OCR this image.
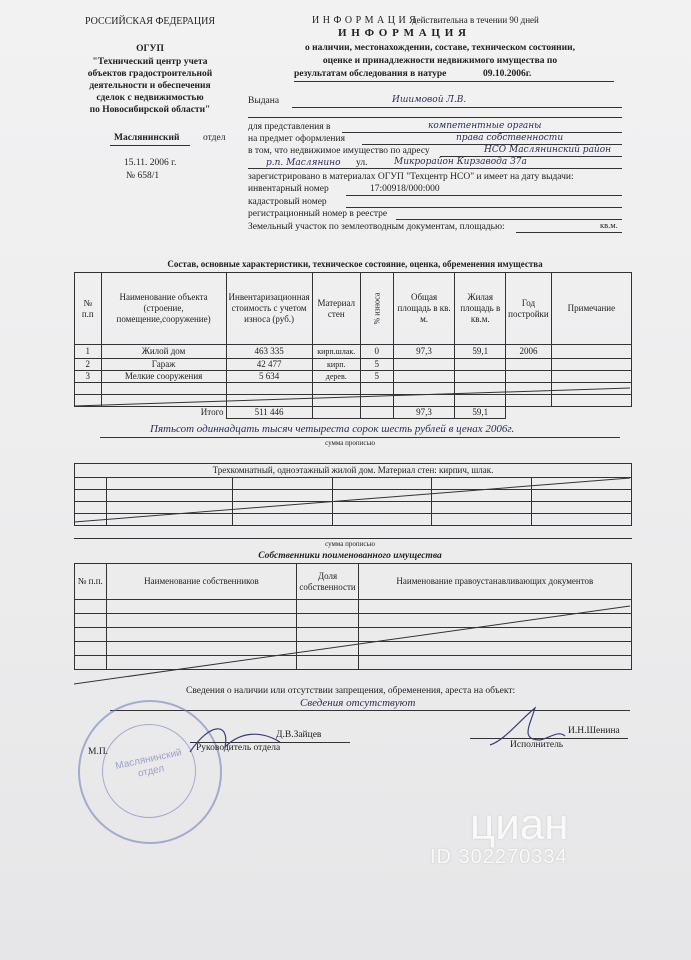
РОССИЙСКАЯ ФЕДЕРАЦИЯ
ОГУП
"Технический центр учета
объектов градостроительной
деятельности и обеспечения
сделок с недвижимостью
по Новосибирской области"
Маслянинский отдел
15.11. 2006 г.
№ 658/1
И Н Ф О Р М А Ц И Я
действительна в течении 90 дней
И Н Ф О Р М А Ц И Я
о наличии, местонахождении, составе, техническом состоянии,
оценке и принадлежности недвижимого имущества по
результатам обследования в натуре	09.10.2006г.
Выдана	Ишимовой Л.В.
для представления в	компетентные органы
на предмет оформления	права собственности
в том, что недвижимое имущество по адресу	НСО Маслянинский район
р.п. Маслянино ул.	Микрорайон Кирзавода 37а
зарегистрировано в материалах ОГУП "Техцентр НСО" и имеет на дату выдачи:
инвентарный номер	17:00918/000:000
кадастровый номер
регистрационный номер в реестре
Земельный участок по землеотводным документам, площадью:	кв.м.
Состав, основные характеристики, техническое состояние, оценка, обременения имущества
№ п.п	Наименование объекта (строение, помещение,сооружение)	Инвентаризационная стоимость с учетом износа (руб.)	Материал стен	% износа	Общая площадь в кв. м.	Жилая площадь в кв.м.	Год постройки	Примечание
1	Жилой дом	463 335	кирп.шлак.	0	97,3	59,1	2006	
2	Гараж	42 477	кирп.	5				
3	Мелкие сооружения	5 634	дерев.	5				

Итого		511 446			97,3	59,1		
Пятьсот одиннадцать тысяч четыреста сорок шесть рублей в ценах 2006г.
сумма прописью
Трехкомнатный, одноэтажный жилой дом. Материал стен: кирпич, шлак.					

сумма прописью
Собственники поименованного имущества
№ п.п.	Наименование собственников	Доля собственности	Наименование правоустанавливающих документов

Сведения о наличии или отсутствии запрещения, обременения, ареста на объект:
Сведения отсутствуют
Маслянинский отдел
М.П.
Д.В.Зайцев
Руководитель отдела
И.Н.Шенина
Исполнитель
циан
ID 302270334
